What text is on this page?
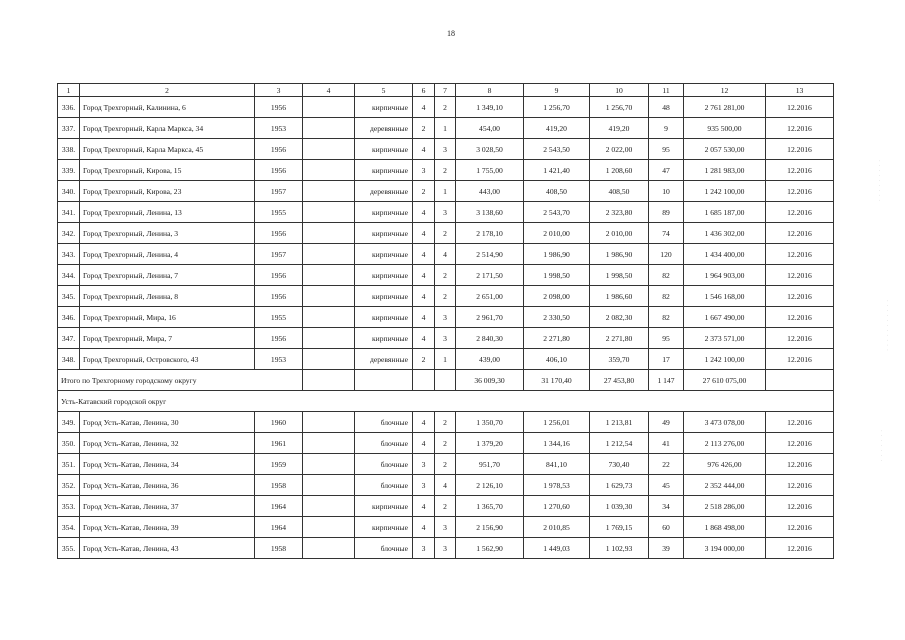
18
1	2	3	4	5	6	7	8	9	10	11	12	13
336.	Город Трехгорный, Калинина, 6	1956		кирпичные	4	2	1 349,10	1 256,70	1 256,70	48	2 761 281,00	12.2016
337.	Город Трехгорный, Карла Маркса, 34	1953		деревянные	2	1	454,00	419,20	419,20	9	935 500,00	12.2016
338.	Город Трехгорный, Карла Маркса, 45	1956		кирпичные	4	3	3 028,50	2 543,50	2 022,00	95	2 057 530,00	12.2016
339.	Город Трехгорный, Кирова, 15	1956		кирпичные	3	2	1 755,00	1 421,40	1 208,60	47	1 281 983,00	12.2016
340.	Город Трехгорный, Кирова, 23	1957		деревянные	2	1	443,00	408,50	408,50	10	1 242 100,00	12.2016
341.	Город Трехгорный, Ленина, 13	1955		кирпичные	4	3	3 138,60	2 543,70	2 323,80	89	1 685 187,00	12.2016
342.	Город Трехгорный, Ленина, 3	1956		кирпичные	4	2	2 178,10	2 010,00	2 010,00	74	1 436 302,00	12.2016
343.	Город Трехгорный, Ленина, 4	1957		кирпичные	4	4	2 514,90	1 986,90	1 986,90	120	1 434 400,00	12.2016
344.	Город Трехгорный, Ленина, 7	1956		кирпичные	4	2	2 171,50	1 998,50	1 998,50	82	1 964 903,00	12.2016
345.	Город Трехгорный, Ленина, 8	1956		кирпичные	4	2	2 651,00	2 098,00	1 986,60	82	1 546 168,00	12.2016
346.	Город Трехгорный, Мира, 16	1955		кирпичные	4	3	2 961,70	2 330,50	2 082,30	82	1 667 490,00	12.2016
347.	Город Трехгорный, Мира, 7	1956		кирпичные	4	3	2 840,30	2 271,80	2 271,80	95	2 373 571,00	12.2016
348.	Город Трехгорный, Островского, 43	1953		деревянные	2	1	439,00	406,10	359,70	17	1 242 100,00	12.2016
Итого по Трехгорному городскому округу							36 009,30	31 170,40	27 453,80	1 147	27 610 075,00	
Усть-Катавский городской округ												
349.	Город Усть-Катав, Ленина, 30	1960		блочные	4	2	1 350,70	1 256,01	1 213,81	49	3 473 078,00	12.2016
350.	Город Усть-Катав, Ленина, 32	1961		блочные	4	2	1 379,20	1 344,16	1 212,54	41	2 113 276,00	12.2016
351.	Город Усть-Катав, Ленина, 34	1959		блочные	3	2	951,70	841,10	730,40	22	976 426,00	12.2016
352.	Город Усть-Катав, Ленина, 36	1958		блочные	3	4	2 126,10	1 978,53	1 629,73	45	2 352 444,00	12.2016
353.	Город Усть-Катав, Ленина, 37	1964		кирпичные	4	2	1 365,70	1 270,60	1 039,30	34	2 518 286,00	12.2016
354.	Город Усть-Катав, Ленина, 39	1964		кирпичные	4	3	2 156,90	2 010,85	1 769,15	60	1 868 498,00	12.2016
355.	Город Усть-Катав, Ленина, 43	1958		блочные	3	3	1 562,90	1 449,03	1 102,93	39	3 194 000,00	12.2016
· · · · · · · · ·
· · · · · · · · · · ·
· · · · · · ·
